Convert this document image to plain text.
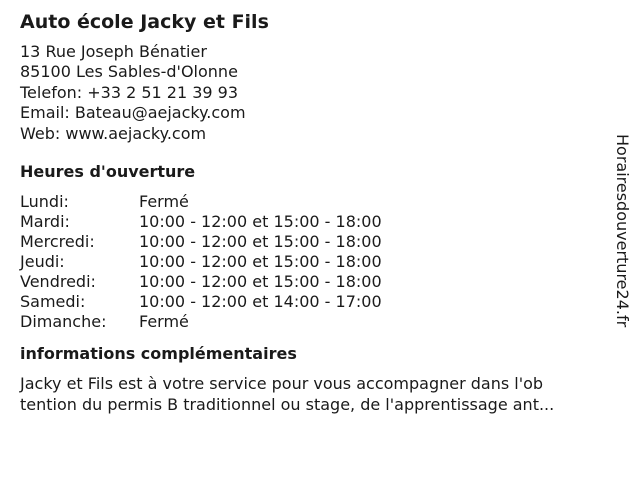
Auto école Jacky et Fils
13 Rue Joseph Bénatier
85100 Les Sables-d'Olonne
Telefon: +33 2 51 21 39 93
Email: Bateau@aejacky.com
Web: www.aejacky.com
Heures d'ouverture
Lundi:	Fermé
Mardi:	10:00 - 12:00 et 15:00 - 18:00
Mercredi:	10:00 - 12:00 et 15:00 - 18:00
Jeudi:	10:00 - 12:00 et 15:00 - 18:00
Vendredi:	10:00 - 12:00 et 15:00 - 18:00
Samedi:	10:00 - 12:00 et 14:00 - 17:00
Dimanche:	Fermé
informations complémentaires
Jacky et Fils est à votre service pour vous accompagner dans l'ob
tention du permis B traditionnel ou stage, de l'apprentissage ant...
Horairesdouverture24.fr
